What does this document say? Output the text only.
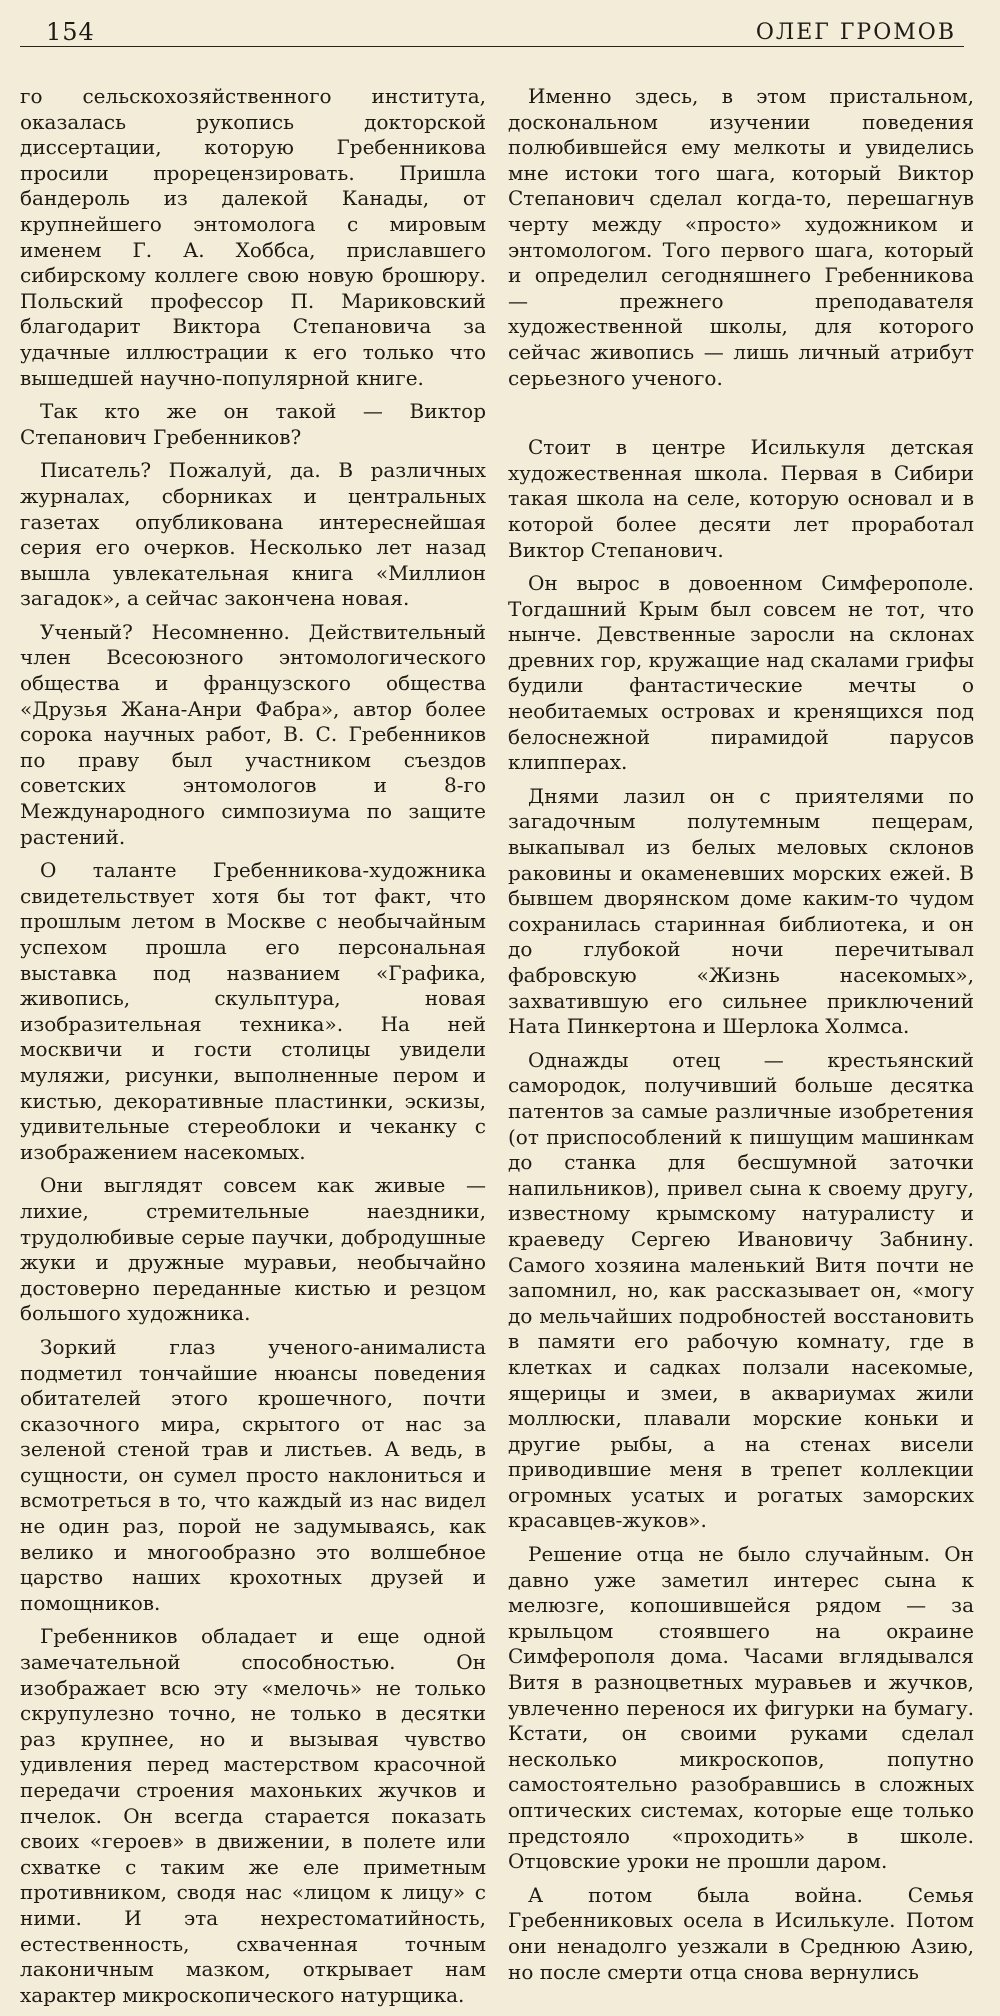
154	ОЛЕГ ГРОМОВ

го сельскохозяйственного института, оказалась рукопись докторской диссертации, которую Гребенникова просили прорецензировать. Пришла бандероль из далекой Канады, от крупнейшего энтомолога с мировым именем Г. А. Хоббса, приславшего сибирскому коллеге свою новую брошюру. Польский профессор П. Мариковский благодарит Виктора Степановича за удачные иллюстрации к его только что вышедшей научно-популярной книге.

Так кто же он такой — Виктор Степанович Гребенников?

Писатель? Пожалуй, да. В различных журналах, сборниках и центральных газетах опубликована интереснейшая серия его очерков. Несколько лет назад вышла увлекательная книга «Миллион загадок», а сейчас закончена новая.

Ученый? Несомненно. Действительный член Всесоюзного энтомологического общества и французского общества «Друзья Жана-Анри Фабра», автор более сорока научных работ, В. С. Гребенников по праву был участником съездов советских энтомологов и 8-го Международного симпозиума по защите растений.

О таланте Гребенникова-художника свидетельствует хотя бы тот факт, что прошлым летом в Москве с необычайным успехом прошла его персональная выставка под названием «Графика, живопись, скульптура, новая изобразительная техника». На ней москвичи и гости столицы увидели муляжи, рисунки, выполненные пером и кистью, декоративные пластинки, эскизы, удивительные стереоблоки и чеканку с изображением насекомых.

Они выглядят совсем как живые — лихие, стремительные наездники, трудолюбивые серые паучки, добродушные жуки и дружные муравьи, необычайно достоверно переданные кистью и резцом большого художника.

Зоркий глаз ученого-анималиста подметил тончайшие нюансы поведения обитателей этого крошечного, почти сказочного мира, скрытого от нас за зеленой стеной трав и листьев. А ведь, в сущности, он сумел просто наклониться и всмотреться в то, что каждый из нас видел не один раз, порой не задумываясь, как велико и многообразно это волшебное царство наших крохотных друзей и помощников.

Гребенников обладает и еще одной замечательной способностью. Он изображает всю эту «мелочь» не только скрупулезно точно, не только в десятки раз крупнее, но и вызывая чувство удивления перед мастерством красочной передачи строения махоньких жучков и пчелок. Он всегда старается показать своих «героев» в движении, в полете или схватке с таким же еле приметным противником, сводя нас «лицом к лицу» с ними. И эта нехрестоматийность, естественность, схваченная точным лаконичным мазком, открывает нам характер микроскопического натурщика.

Именно здесь, в этом пристальном, доскональном изучении поведения полюбившейся ему мелкоты и увиделись мне истоки того шага, который Виктор Степанович сделал когда-то, перешагнув черту между «просто» художником и энтомологом. Того первого шага, который и определил сегодняшнего Гребенникова — прежнего преподавателя художественной школы, для которого сейчас живопись — лишь личный атрибут серьезного ученого.

Стоит в центре Исилькуля детская художественная школа. Первая в Сибири такая школа на селе, которую основал и в которой более десяти лет проработал Виктор Степанович.

Он вырос в довоенном Симферополе. Тогдашний Крым был совсем не тот, что нынче. Девственные заросли на склонах древних гор, кружащие над скалами грифы будили фантастические мечты о необитаемых островах и кренящихся под белоснежной пирамидой парусов клипперах.

Днями лазил он с приятелями по загадочным полутемным пещерам, выкапывал из белых меловых склонов раковины и окаменевших морских ежей. В бывшем дворянском доме каким-то чудом сохранилась старинная библиотека, и он до глубокой ночи перечитывал фабровскую «Жизнь насекомых», захватившую его сильнее приключений Ната Пинкертона и Шерлока Холмса.

Однажды отец — крестьянский самородок, получивший больше десятка патентов за самые различные изобретения (от приспособлений к пишущим машинкам до станка для бесшумной заточки напильников), привел сына к своему другу, известному крымскому натуралисту и краеведу Сергею Ивановичу Забнину. Самого хозяина маленький Витя почти не запомнил, но, как рассказывает он, «могу до мельчайших подробностей восстановить в памяти его рабочую комнату, где в клетках и садках ползали насекомые, ящерицы и змеи, в аквариумах жили моллюски, плавали морские коньки и другие рыбы, а на стенах висели приводившие меня в трепет коллекции огромных усатых и рогатых заморских красавцев-жуков».

Решение отца не было случайным. Он давно уже заметил интерес сына к мелюзге, копошившейся рядом — за крыльцом стоявшего на окраине Симферополя дома. Часами вглядывался Витя в разноцветных муравьев и жучков, увлеченно перенося их фигурки на бумагу. Кстати, он своими руками сделал несколько микроскопов, попутно самостоятельно разобравшись в сложных оптических системах, которые еще только предстояло «проходить» в школе. Отцовские уроки не прошли даром.

А потом была война. Семья Гребенниковых осела в Исилькуле. Потом они ненадолго уезжали в Среднюю Азию, но после смерти отца снова вернулись
